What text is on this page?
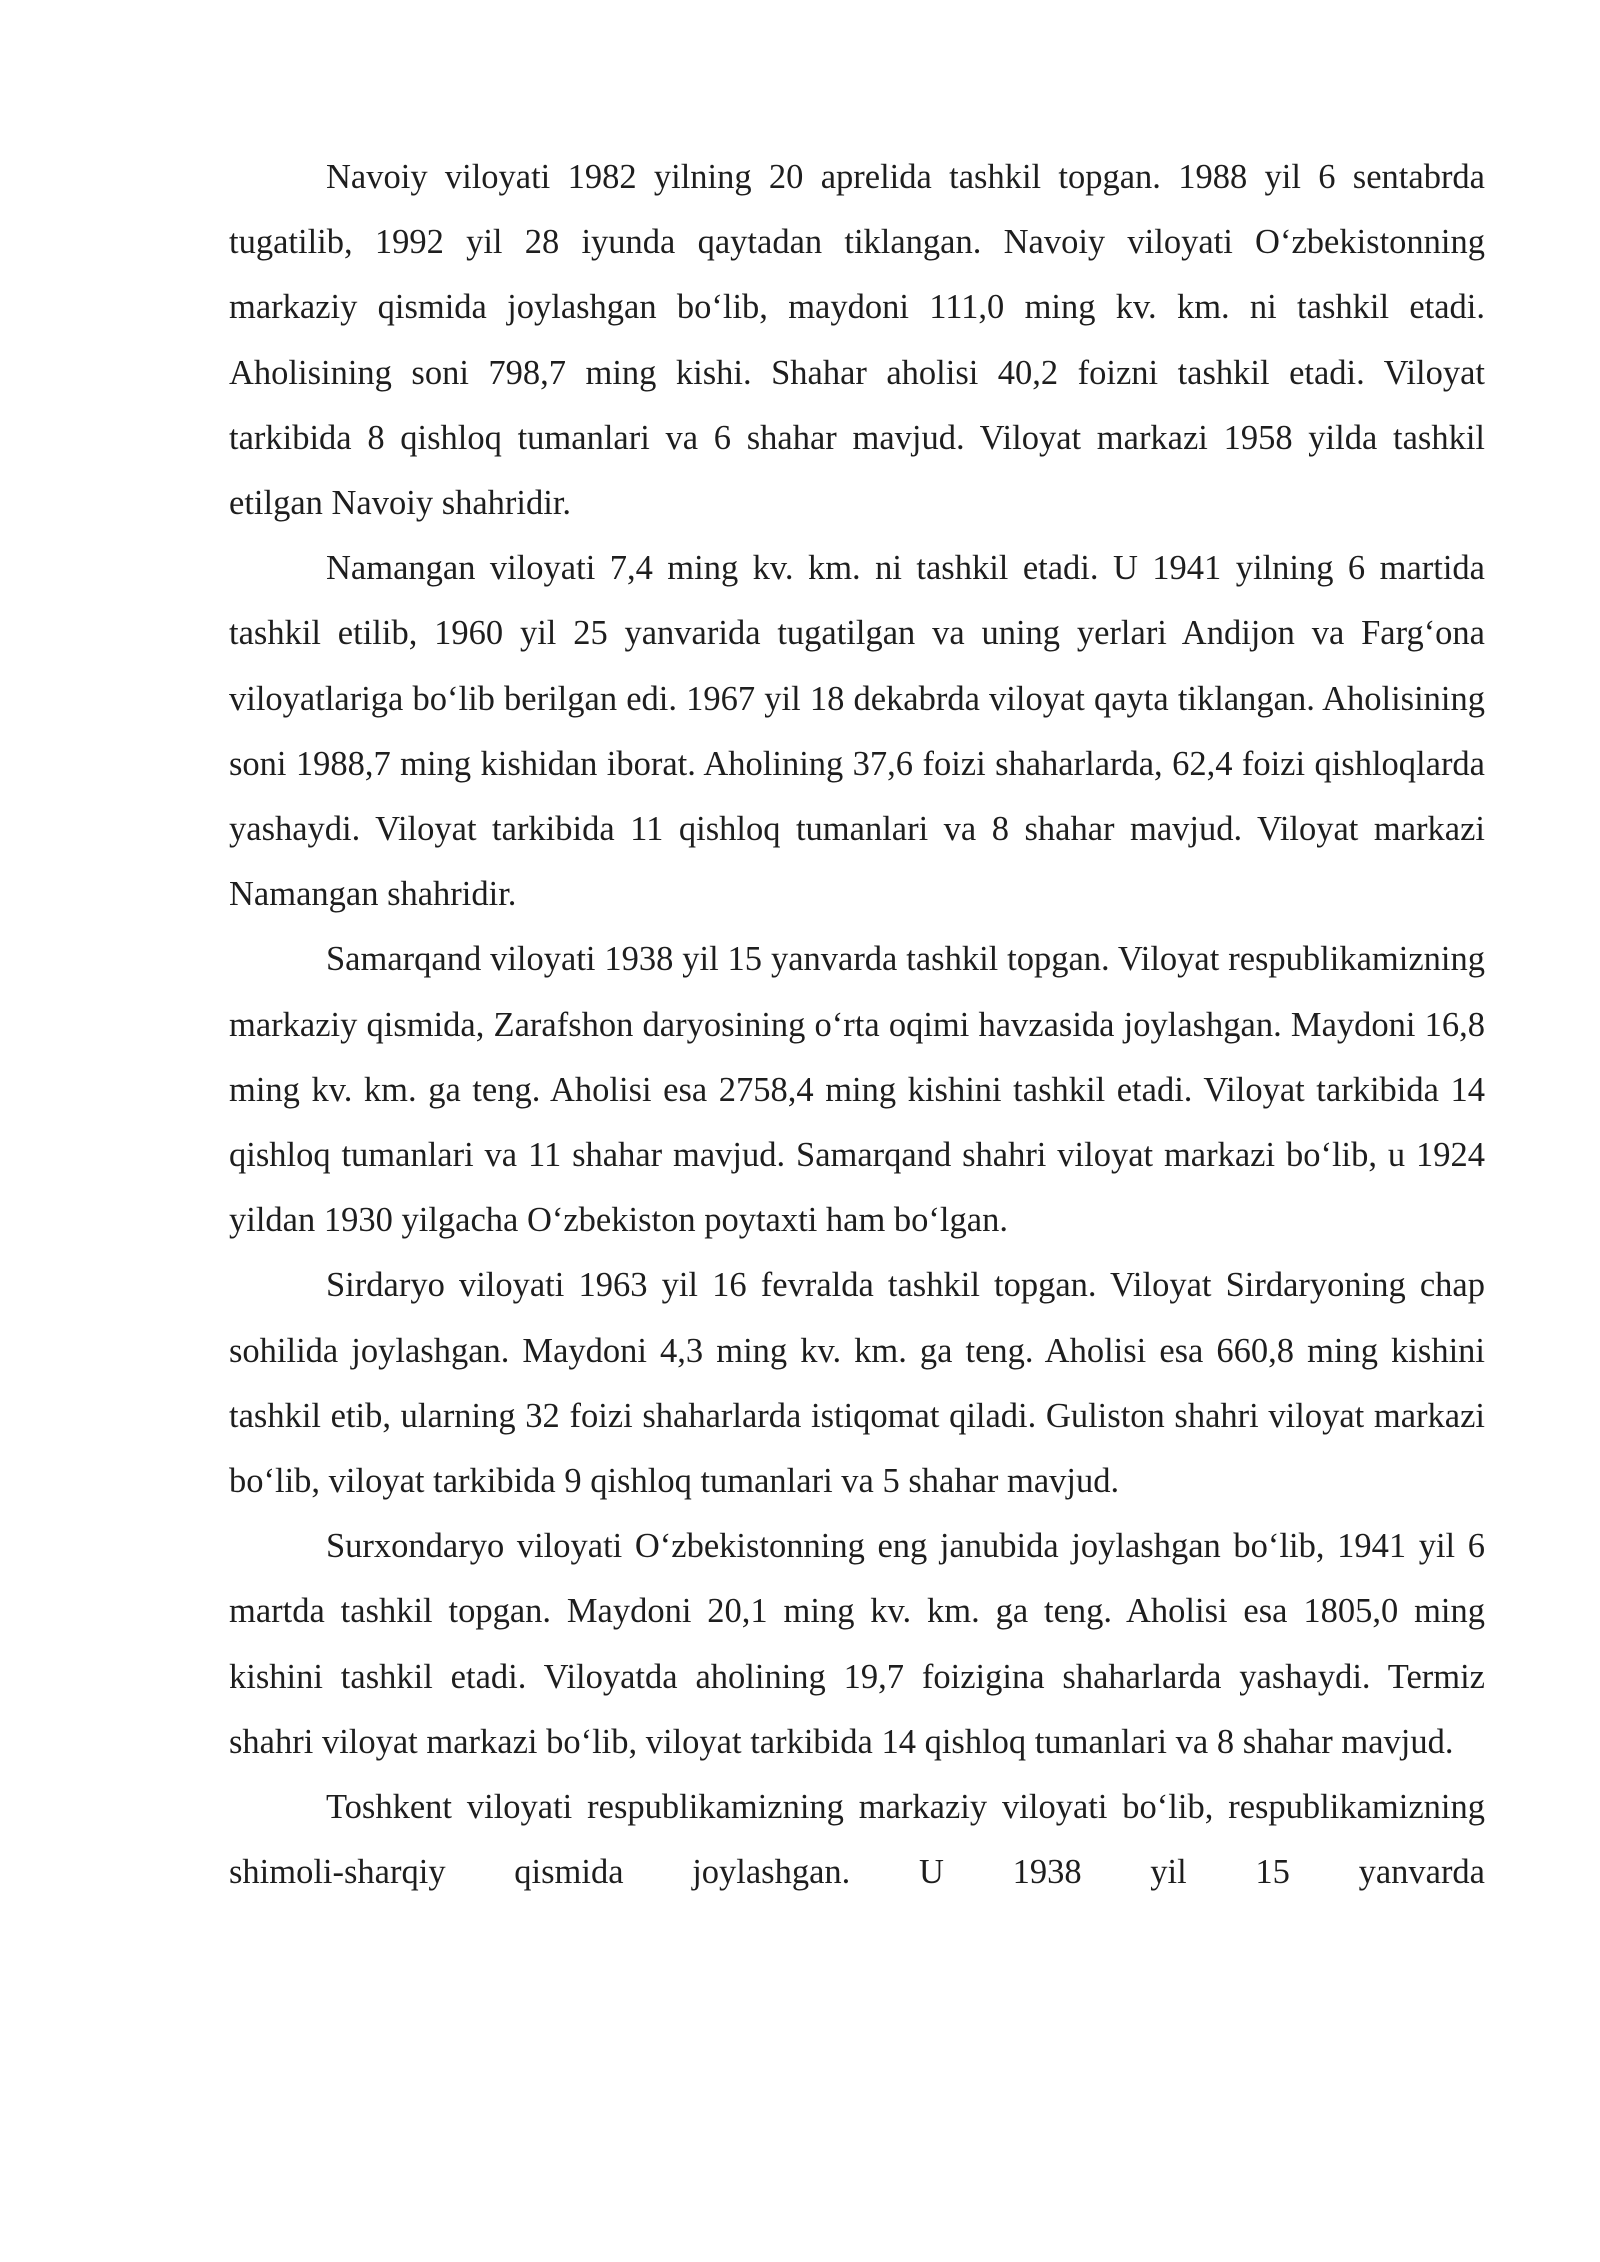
Navoiy viloyati 1982 yilning 20 aprelida tashkil topgan. 1988 yil 6 sentabrda tugatilib, 1992 yil 28 iyunda qaytadan tiklangan. Navoiy viloyati O‘zbekistonning markaziy qismida joylashgan bo‘lib, maydoni 111,0 ming kv. km. ni tashkil etadi. Aholisining soni 798,7 ming kishi. Shahar aholisi 40,2 foizni tashkil etadi. Viloyat tarkibida 8 qishloq tumanlari va 6 shahar mavjud. Viloyat markazi 1958 yilda tashkil etilgan Navoiy shahridir.

Namangan viloyati 7,4 ming kv. km. ni tashkil etadi. U 1941 yilning 6 martida tashkil etilib, 1960 yil 25 yanvarida tugatilgan va uning yerlari Andijon va Farg‘ona viloyatlariga bo‘lib berilgan edi. 1967 yil 18 dekabrda viloyat qayta tiklangan. Aholisining soni 1988,7 ming kishidan iborat. Aholining 37,6 foizi shaharlarda, 62,4 foizi qishloqlarda yashaydi. Viloyat tarkibida 11 qishloq tumanlari va 8 shahar mavjud. Viloyat markazi Namangan shahridir.

Samarqand viloyati 1938 yil 15 yanvarda tashkil topgan. Viloyat respublikamizning markaziy qismida, Zarafshon daryosining o‘rta oqimi havzasida joylashgan. Maydoni 16,8 ming kv. km. ga teng. Aholisi esa 2758,4 ming kishini tashkil etadi. Viloyat tarkibida 14 qishloq tumanlari va 11 shahar mavjud. Samarqand shahri viloyat markazi bo‘lib, u 1924 yildan 1930 yilgacha O‘zbekiston poytaxti ham bo‘lgan.

Sirdaryo viloyati 1963 yil 16 fevralda tashkil topgan. Viloyat Sirdaryoning chap sohilida joylashgan. Maydoni 4,3 ming kv. km. ga teng. Aholisi esa 660,8 ming kishini tashkil etib, ularning 32 foizi shaharlarda istiqomat qiladi. Guliston shahri viloyat markazi bo‘lib, viloyat tarkibida 9 qishloq tumanlari va 5 shahar mavjud.

Surxondaryo viloyati O‘zbekistonning eng janubida joylashgan bo‘lib, 1941 yil 6 martda tashkil topgan. Maydoni 20,1 ming kv. km. ga teng. Aholisi esa 1805,0 ming kishini tashkil etadi. Viloyatda aholining 19,7 foizigina shaharlarda yashaydi. Termiz shahri viloyat markazi bo‘lib, viloyat tarkibida 14 qishloq tumanlari va 8 shahar mavjud.

Toshkent viloyati respublikamizning markaziy viloyati bo‘lib, respublikamizning shimoli-sharqiy qismida joylashgan. U 1938 yil 15 yanvarda
